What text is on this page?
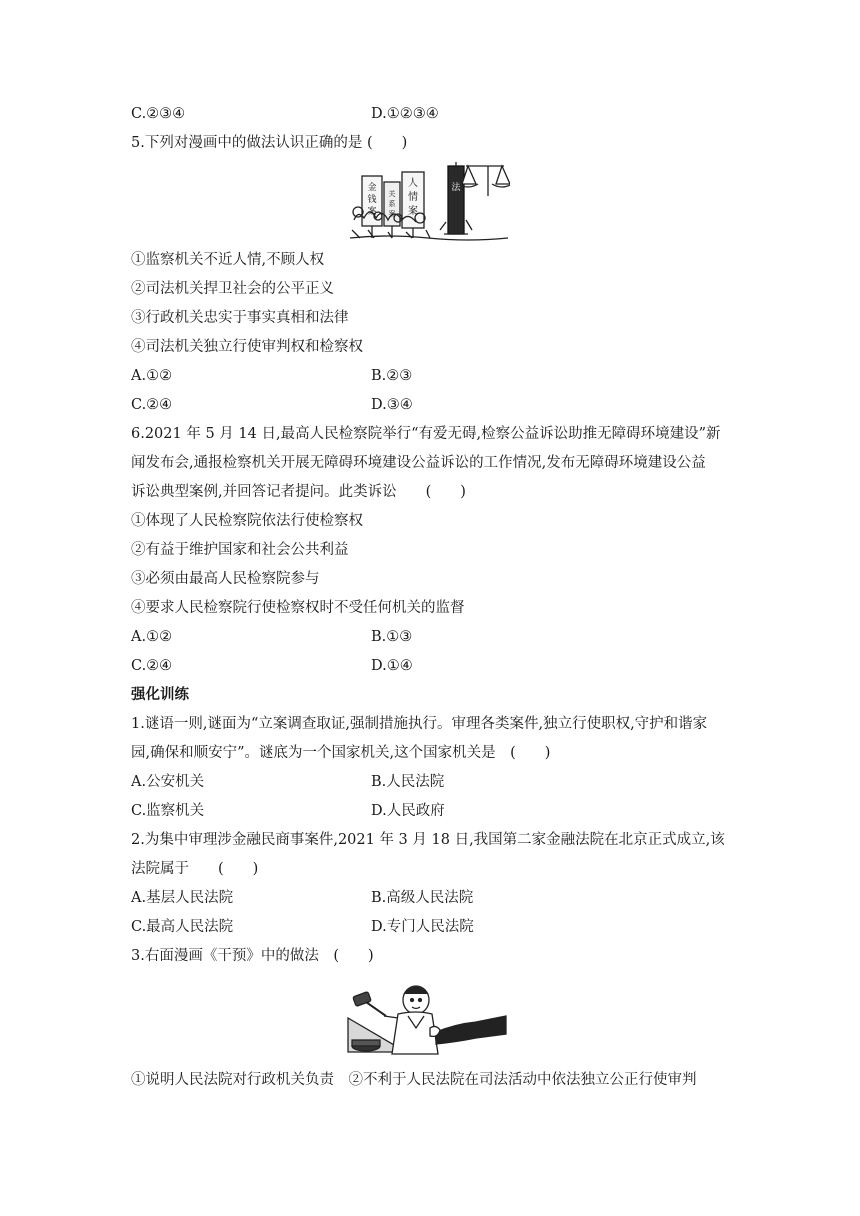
C.②③④	D.①②③④
5.下列对漫画中的做法认识正确的是 (　　)
金
钱
案
关
系
案
人
情
案
法
①监察机关不近人情,不顾人权
②司法机关捍卫社会的公平正义
③行政机关忠实于事实真相和法律
④司法机关独立行使审判权和检察权
A.①②	B.②③
C.②④	D.③④
6.2021 年 5 月 14 日,最高人民检察院举行“有爱无碍,检察公益诉讼助推无障碍环境建设”新
闻发布会,通报检察机关开展无障碍环境建设公益诉讼的工作情况,发布无障碍环境建设公益
诉讼典型案例,并回答记者提问。此类诉讼　　(　　)
①体现了人民检察院依法行使检察权
②有益于维护国家和社会公共利益
③必须由最高人民检察院参与
④要求人民检察院行使检察权时不受任何机关的监督
A.①②	B.①③
C.②④	D.①④
强化训练
1.谜语一则,谜面为“立案调查取证,强制措施执行。审理各类案件,独立行使职权,守护和谐家
园,确保和顺安宁”。谜底为一个国家机关,这个国家机关是　(　　)
A.公安机关	B.人民法院
C.监察机关	D.人民政府
2.为集中审理涉金融民商事案件,2021 年 3 月 18 日,我国第二家金融法院在北京正式成立,该
法院属于　　(　　)
A.基层人民法院	B.高级人民法院
C.最高人民法院	D.专门人民法院
3.右面漫画《干预》中的做法　(　　)
①说明人民法院对行政机关负责　②不利于人民法院在司法活动中依法独立公正行使审判
